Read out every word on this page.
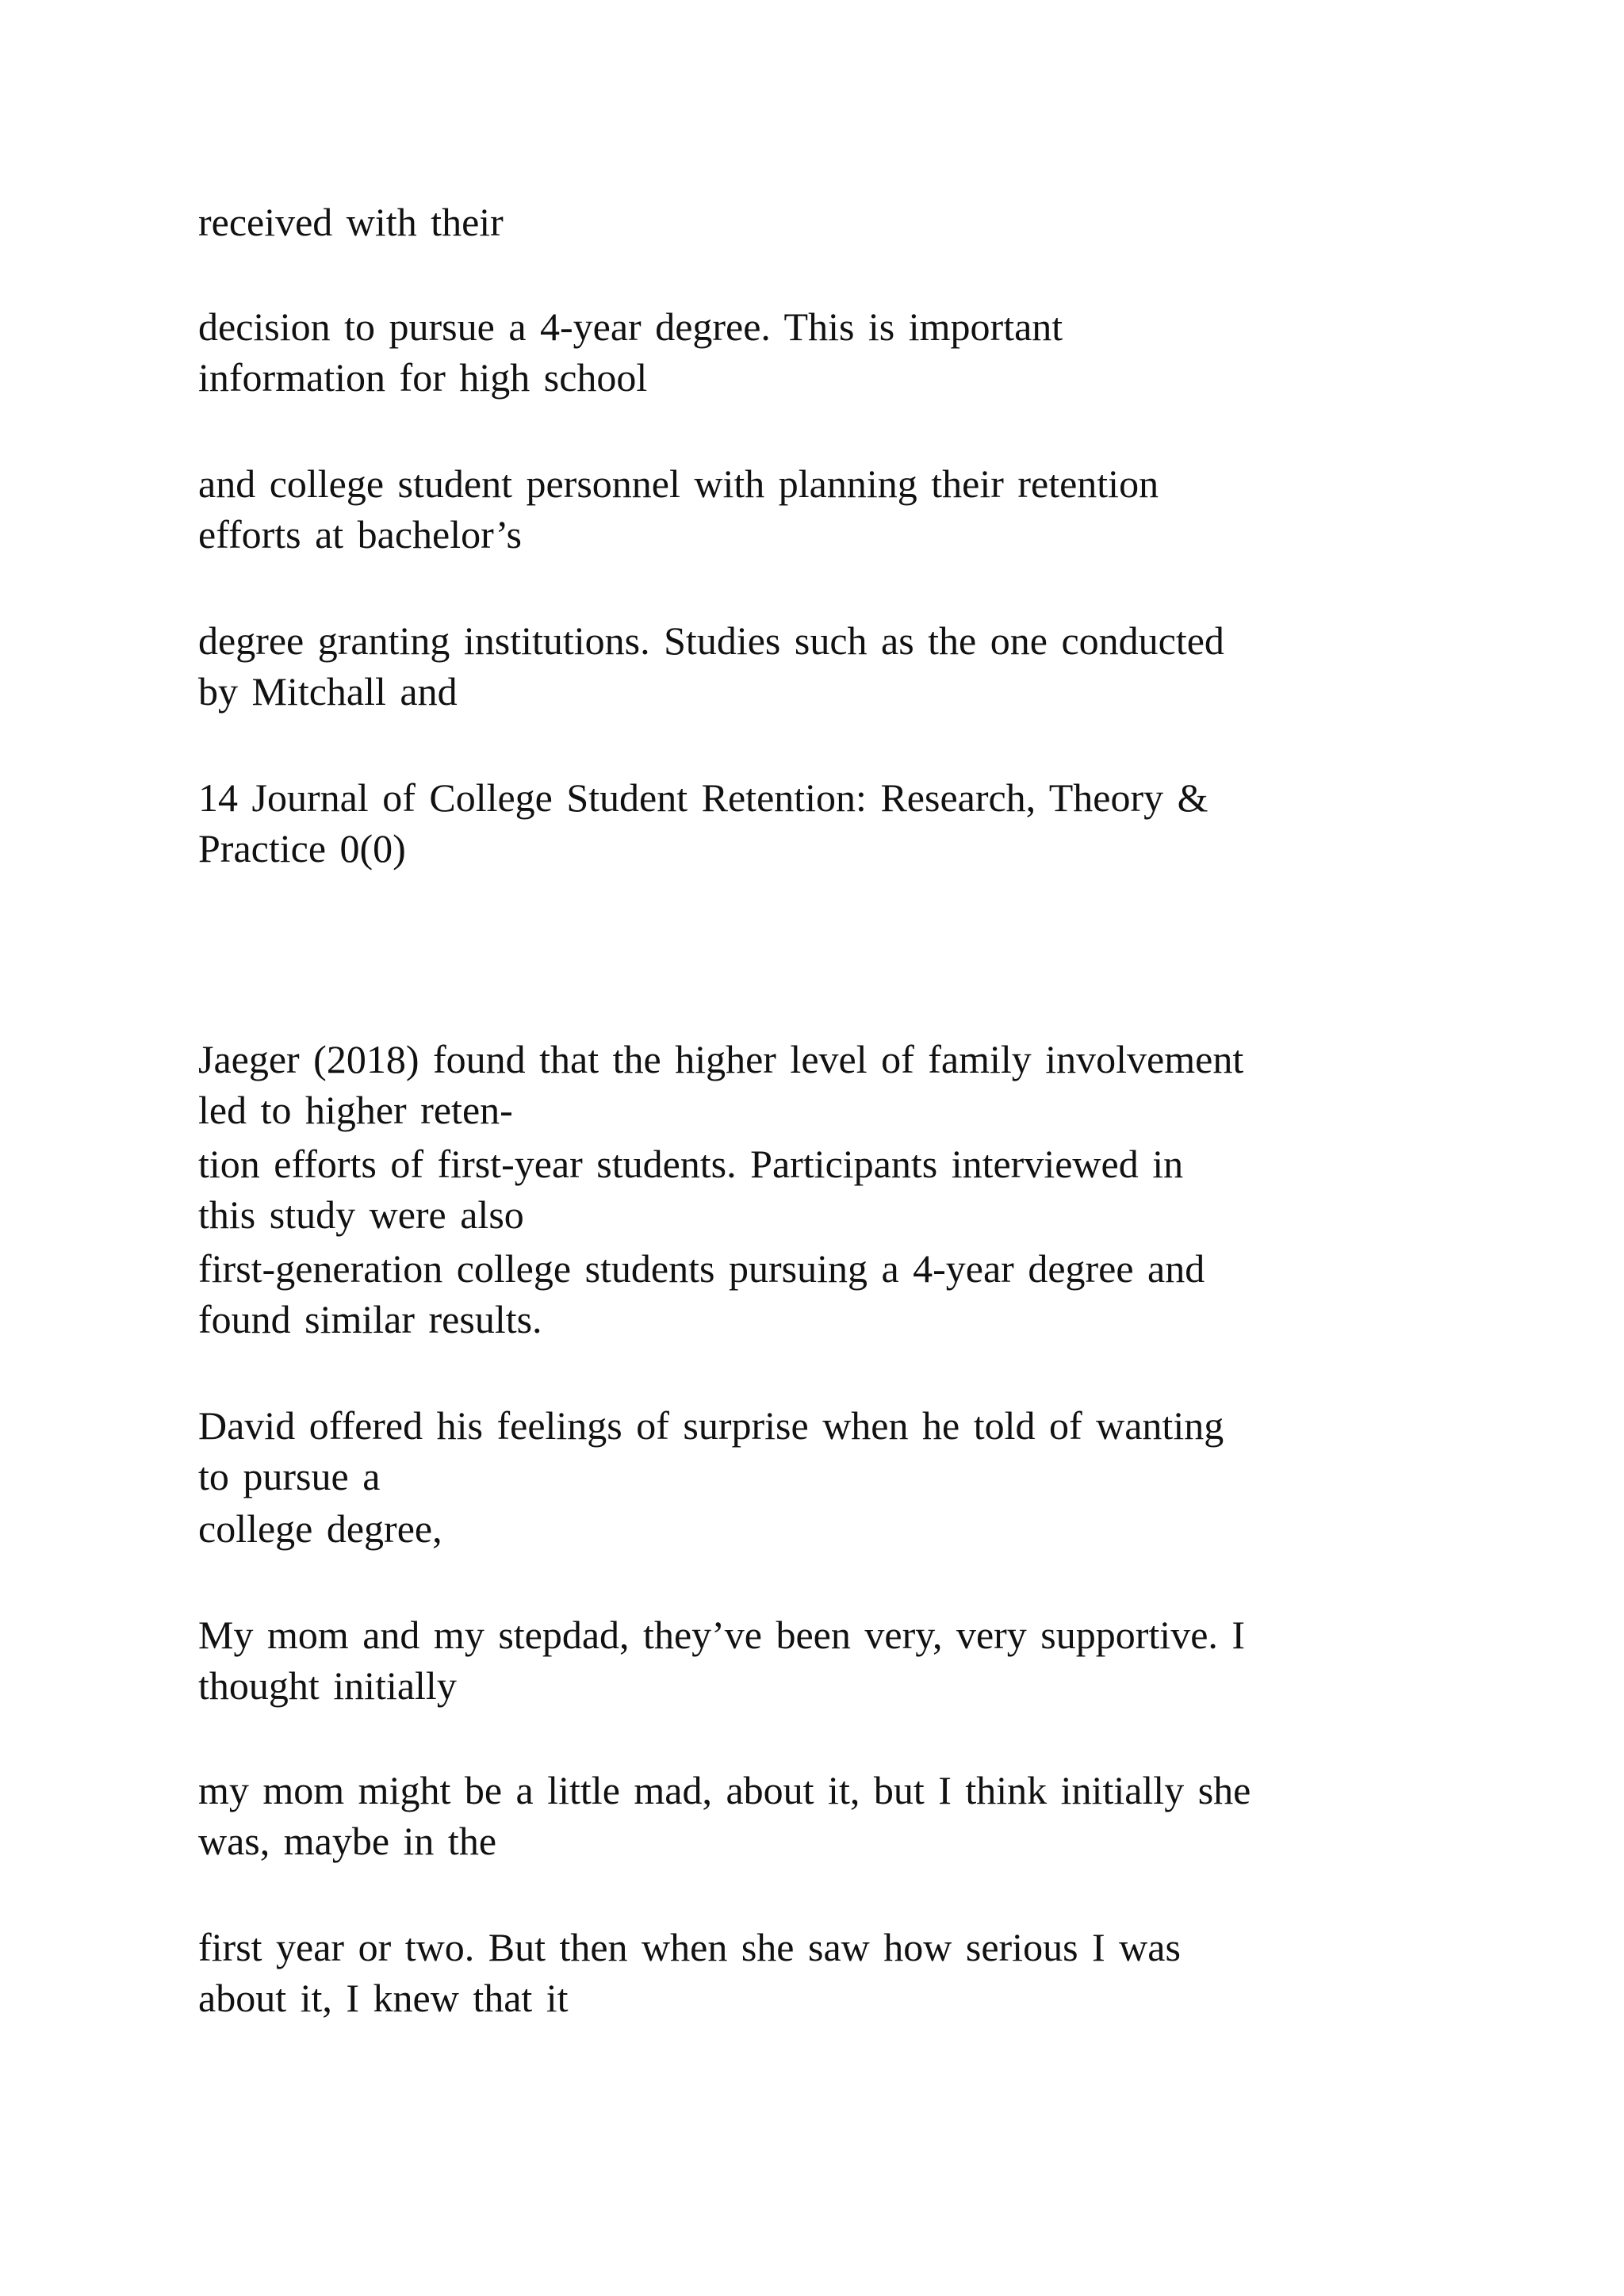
received with their
decision to pursue a 4-year degree. This is important
information for high school
and college student personnel with planning their retention
efforts at bachelor’s
degree granting institutions. Studies such as the one conducted
by Mitchall and
14 Journal of College Student Retention: Research, Theory &
Practice 0(0)
Jaeger (2018) found that the higher level of family involvement
led to higher reten-
tion efforts of first-year students. Participants interviewed in
this study were also
first-generation college students pursuing a 4-year degree and
found similar results.
David offered his feelings of surprise when he told of wanting
to pursue a
college degree,
My mom and my stepdad, they’ve been very, very supportive. I
thought initially
my mom might be a little mad, about it, but I think initially she
was, maybe in the
first year or two. But then when she saw how serious I was
about it, I knew that it
